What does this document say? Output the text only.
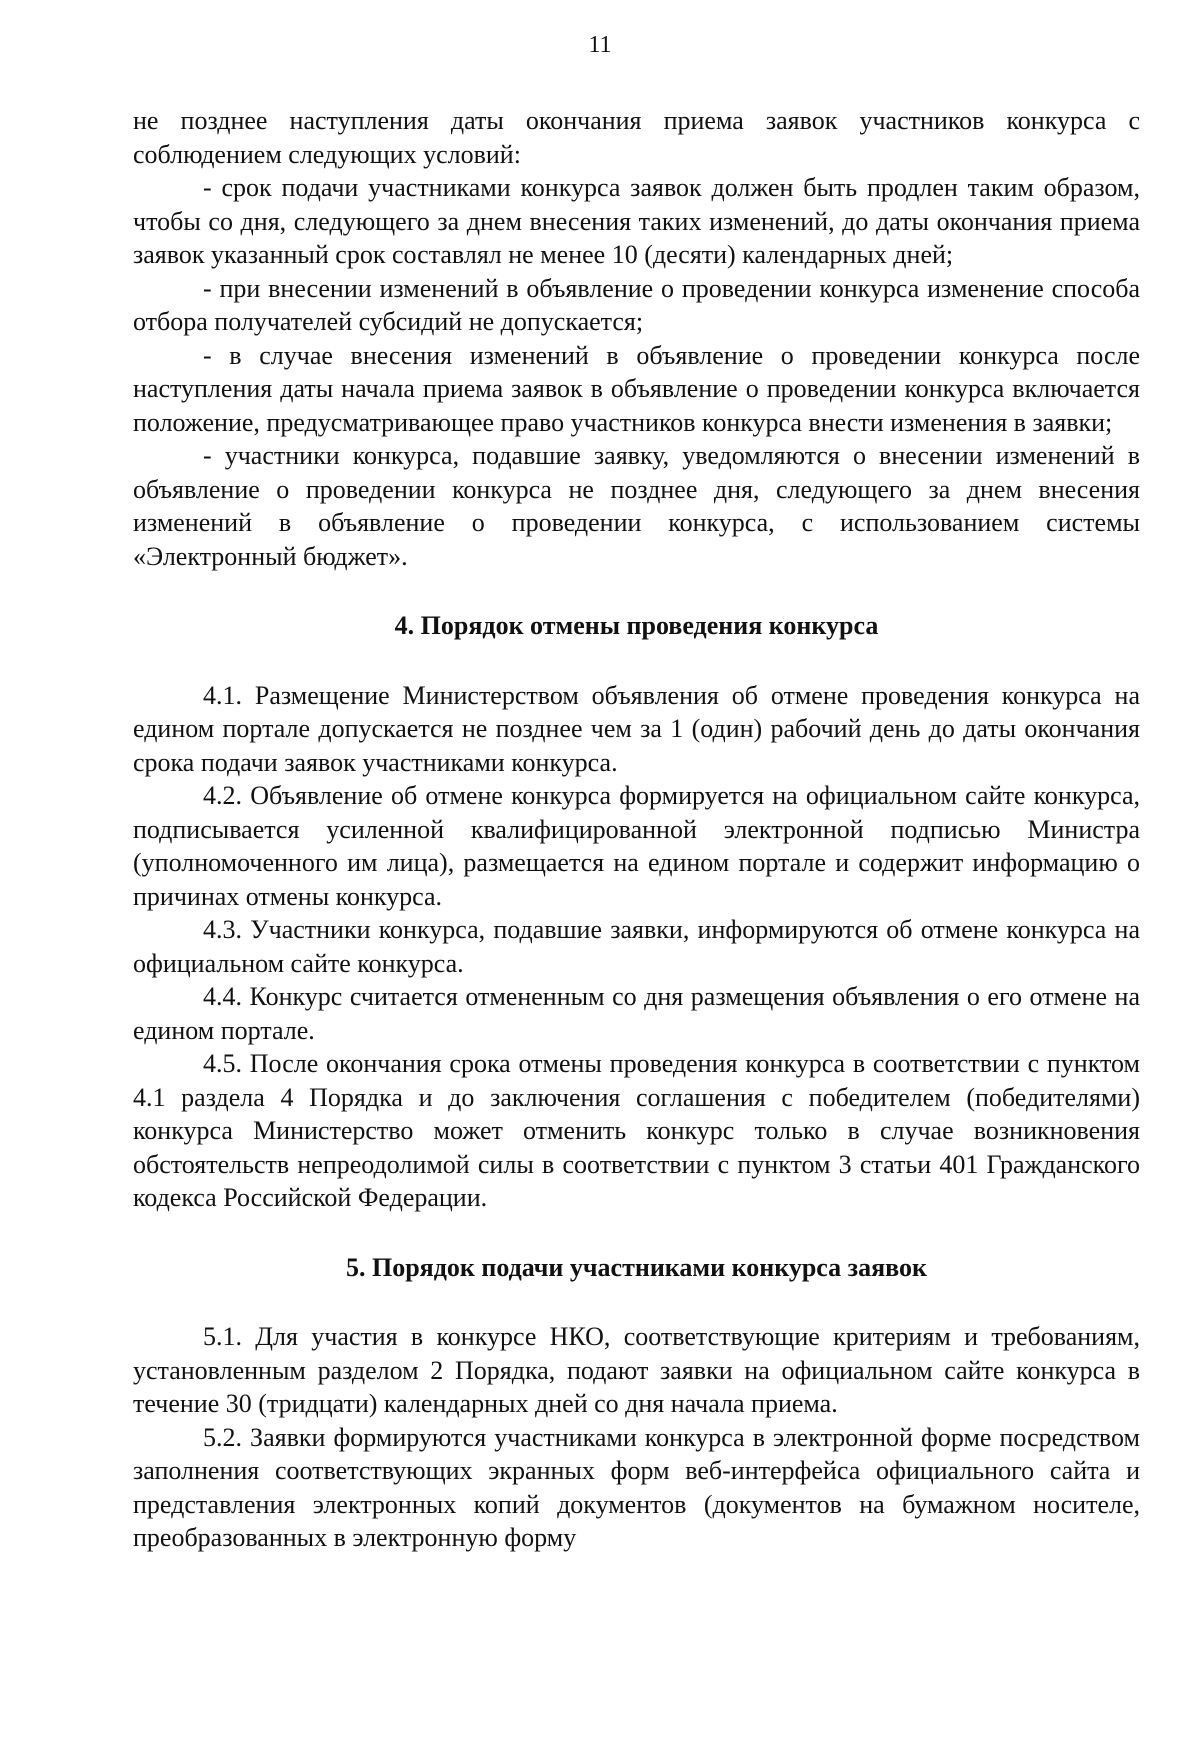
11

не позднее наступления даты окончания приема заявок участников конкурса с соблюдением следующих условий:

- срок подачи участниками конкурса заявок должен быть продлен таким образом, чтобы со дня, следующего за днем внесения таких изменений, до даты окончания приема заявок указанный срок составлял не менее 10 (десяти) календарных дней;

- при внесении изменений в объявление о проведении конкурса изменение способа отбора получателей субсидий не допускается;

- в случае внесения изменений в объявление о проведении конкурса после наступления даты начала приема заявок в объявление о проведении конкурса включается положение, предусматривающее право участников конкурса внести изменения в заявки;

- участники конкурса, подавшие заявку, уведомляются о внесении изменений в объявление о проведении конкурса не позднее дня, следующего за днем внесения изменений в объявление о проведении конкурса, с использованием системы «Электронный бюджет».

4. Порядок отмены проведения конкурса

4.1. Размещение Министерством объявления об отмене проведения конкурса на едином портале допускается не позднее чем за 1 (один) рабочий день до даты окончания срока подачи заявок участниками конкурса.

4.2. Объявление об отмене конкурса формируется на официальном сайте конкурса, подписывается усиленной квалифицированной электронной подписью Министра (уполномоченного им лица), размещается на едином портале и содержит информацию о причинах отмены конкурса.

4.3. Участники конкурса, подавшие заявки, информируются об отмене конкурса на официальном сайте конкурса.

4.4. Конкурс считается отмененным со дня размещения объявления о его отмене на едином портале.

4.5. После окончания срока отмены проведения конкурса в соответствии с пунктом 4.1 раздела 4 Порядка и до заключения соглашения с победителем (победителями) конкурса Министерство может отменить конкурс только в случае возникновения обстоятельств непреодолимой силы в соответствии с пунктом 3 статьи 401 Гражданского кодекса Российской Федерации.

5. Порядок подачи участниками конкурса заявок

5.1. Для участия в конкурсе НКО, соответствующие критериям и требованиям, установленным разделом 2 Порядка, подают заявки на официальном сайте конкурса в течение 30 (тридцати) календарных дней со дня начала приема.

5.2. Заявки формируются участниками конкурса в электронной форме посредством заполнения соответствующих экранных форм веб-интерфейса официального сайта и представления электронных копий документов (документов на бумажном носителе, преобразованных в электронную форму
